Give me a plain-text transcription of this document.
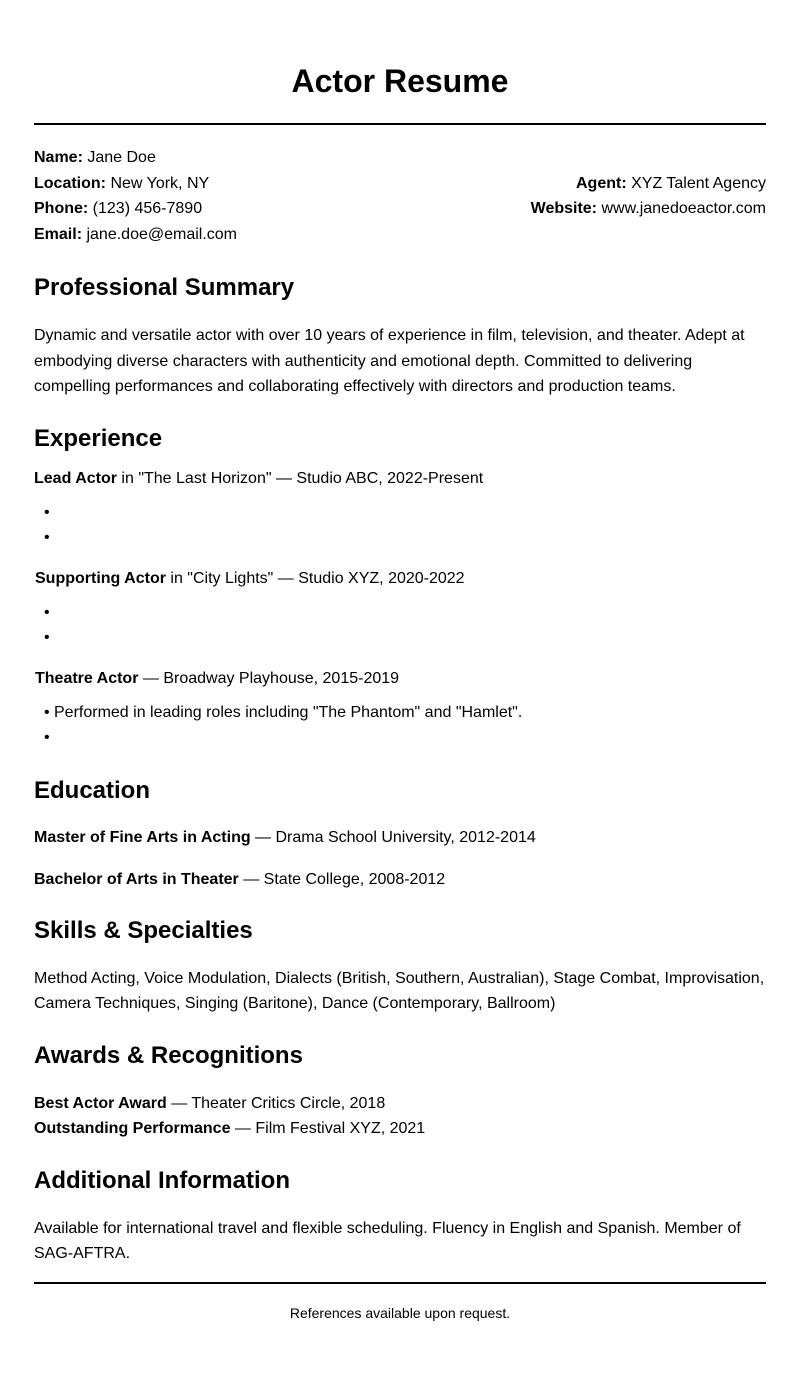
Actor Resume
Name: Jane Doe
Location: New York, NY
Phone: (123) 456-7890
Email: jane.doe@email.com
Agent: XYZ Talent Agency
Website: www.janedoeactor.com
Professional Summary

Dynamic and versatile actor with over 10 years of experience in film, television, and theater. Adept at embodying diverse characters with authenticity and emotional depth. Committed to delivering compelling performances and collaborating effectively with directors and production teams.

Experience
Lead Actor in "The Last Horizon" — Studio ABC, 2022-Present
•
•
Supporting Actor in "City Lights" — Studio XYZ, 2020-2022
•
•
Theatre Actor — Broadway Playhouse, 2015-2019
• Performed in leading roles including "The Phantom" and "Hamlet".
•
Education
Master of Fine Arts in Acting — Drama School University, 2012-2014
Bachelor of Arts in Theater — State College, 2008-2012
Skills & Specialties

Method Acting, Voice Modulation, Dialects (British, Southern, Australian), Stage Combat, Improvisation, Camera Techniques, Singing (Baritone), Dance (Contemporary, Ballroom)

Awards & Recognitions
Best Actor Award — Theater Critics Circle, 2018
Outstanding Performance — Film Festival XYZ, 2021
Additional Information

Available for international travel and flexible scheduling. Fluency in English and Spanish. Member of SAG-AFTRA.

References available upon request.
